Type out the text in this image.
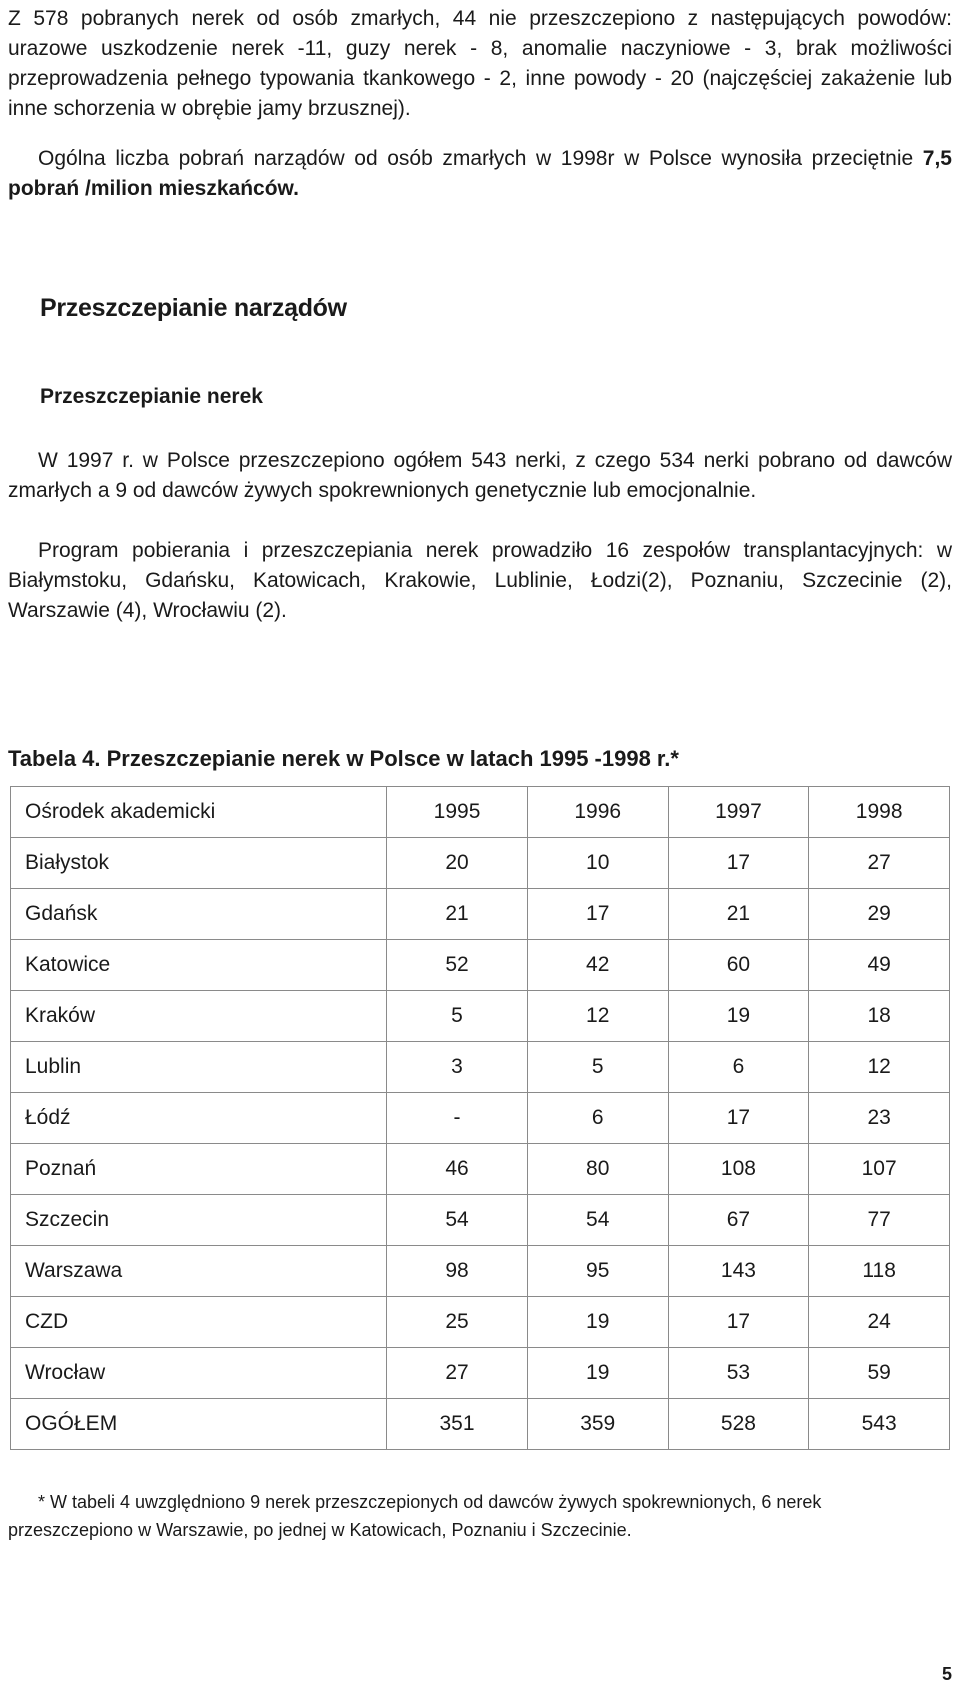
Z 578 pobranych nerek od osób zmarłych, 44 nie przeszczepiono z następujących powodów: urazowe uszkodzenie nerek -11, guzy nerek - 8, anomalie naczyniowe - 3, brak możliwości przeprowadzenia pełnego typowania tkankowego - 2, inne powody - 20 (najczęściej zakażenie lub inne schorzenia w obrębie jamy brzusznej).

Ogólna liczba pobrań narządów od osób zmarłych w 1998r w Polsce wynosiła przeciętnie 7,5 pobrań /milion mieszkańców.

Przeszczepianie narządów
Przeszczepianie nerek

W 1997 r. w Polsce przeszczepiono ogółem 543 nerki, z czego 534 nerki pobrano od dawców zmarłych a 9 od dawców żywych spokrewnionych genetycznie lub emocjonalnie.

Program pobierania i przeszczepiania nerek prowadziło 16 zespołów transplantacyjnych: w Białymstoku, Gdańsku, Katowicach, Krakowie, Lublinie, Łodzi(2), Poznaniu, Szczecinie (2), Warszawie (4), Wrocławiu (2).

Tabela 4. Przeszczepianie nerek w Polsce w latach 1995 -1998 r.*

Ośrodek akademicki	1995	1996	1997	1998
Białystok	20	10	17	27
Gdańsk	21	17	21	29
Katowice	52	42	60	49
Kraków	5	12	19	18
Lublin	3	5	6	12
Łódź	-	6	17	23
Poznań	46	80	108	107
Szczecin	54	54	67	77
Warszawa	98	95	143	118
CZD	25	19	17	24
Wrocław	27	19	53	59
OGÓŁEM	351	359	528	543
* W tabeli 4 uwzględniono 9 nerek przeszczepionych od dawców żywych spokrewnionych, 6 nerek
przeszczepiono w Warszawie, po jednej w Katowicach, Poznaniu i Szczecinie.

5
